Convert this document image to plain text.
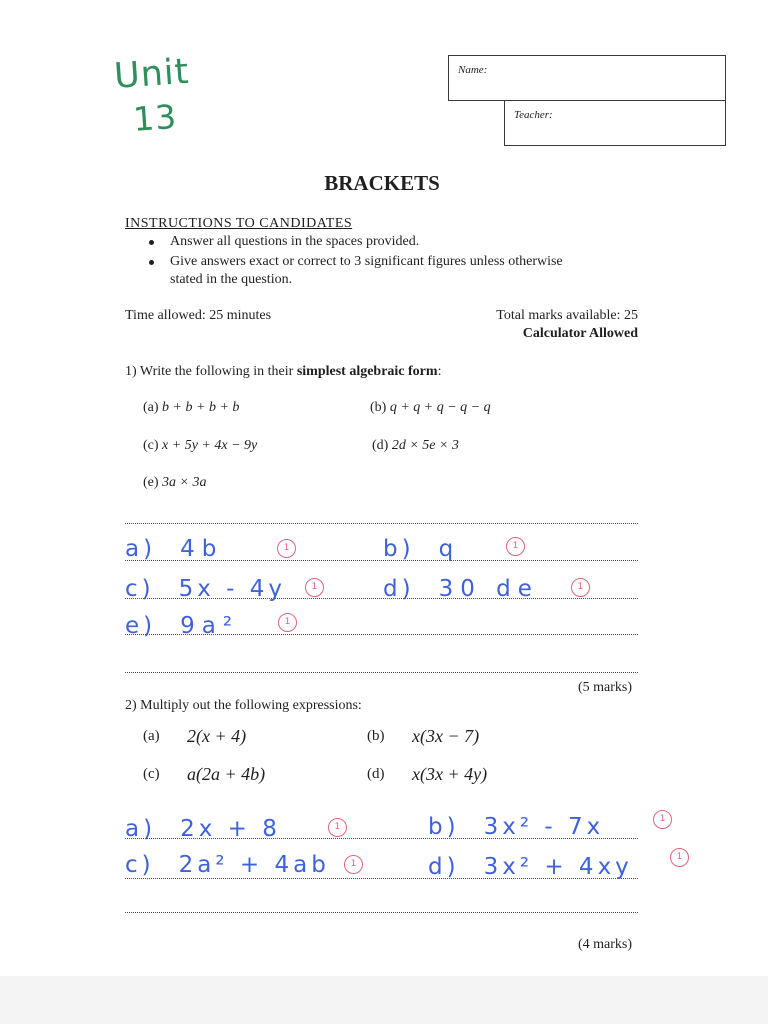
Unit
13
Name:
Teacher:
BRACKETS
INSTRUCTIONS TO CANDIDATES
Answer all questions in the spaces provided.
Give answers exact or correct to 3 significant figures unless otherwise
stated in the question.
Time allowed: 25 minutes	Total marks available: 25
Calculator Allowed
1) Write the following in their simplest algebraic form:
(a) b + b + b + b	(b) q + q + q − q − q
(c) x + 5y + 4x − 9y	(d) 2d × 5e × 3
(e) 3a × 3a
a) 4b	1	b) q	1
c) 5x - 4y	1	d) 30 de	1
e) 9a²	1
(5 marks)
2) Multiply out the following expressions:
(a) 2(x + 4)	(b) x(3x − 7)
(c) a(2a + 4b)	(d) x(3x + 4y)
a) 2x + 8	1	b) 3x² - 7x	1
c) 2a² + 4ab	1	d) 3x² + 4xy	1
(4 marks)
